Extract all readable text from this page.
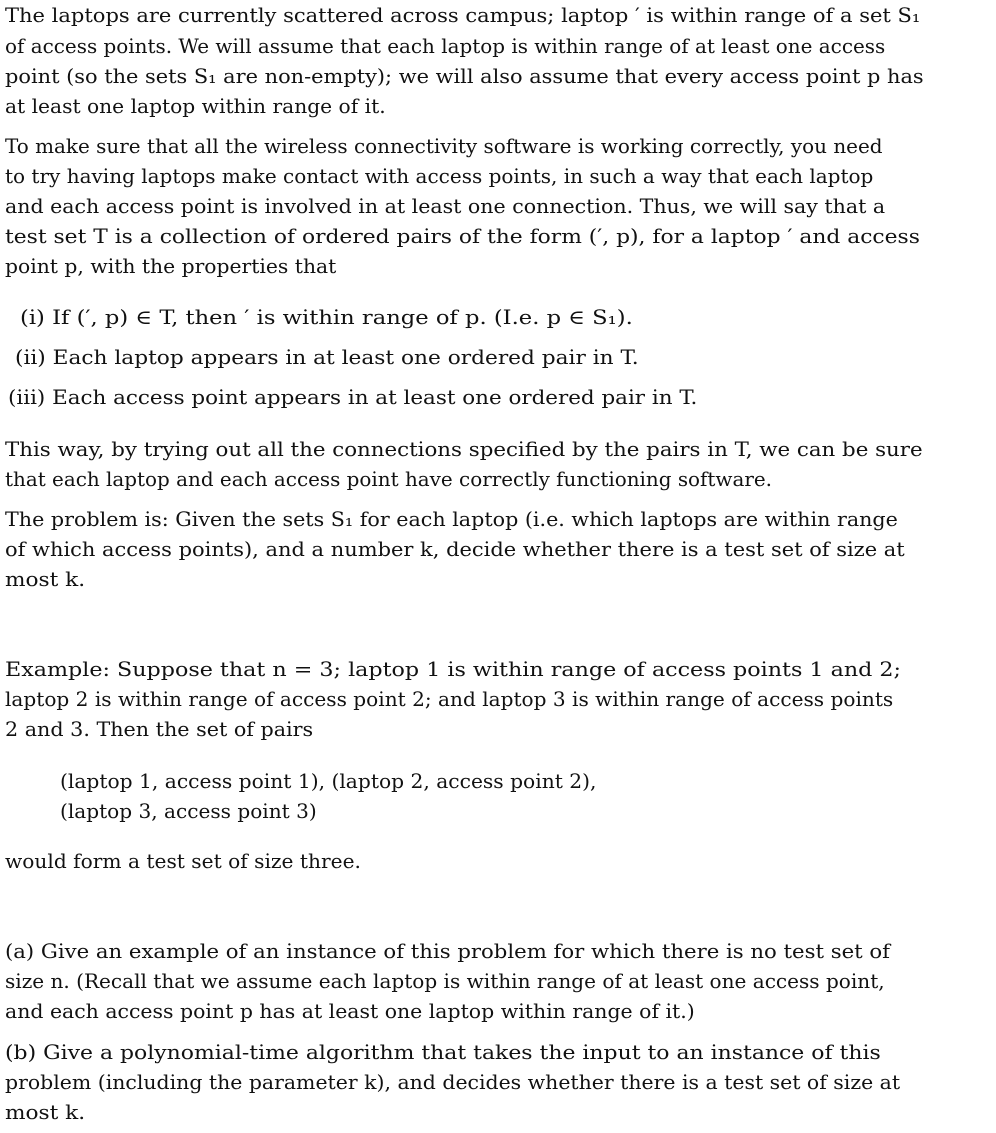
The laptops are currently scattered across campus; laptop ′ is within range of a set S₁
of access points. We will assume that each laptop is within range of at least one access
point (so the sets S₁ are non-empty); we will also assume that every access point p has
at least one laptop within range of it.
To make sure that all the wireless connectivity software is working correctly, you need
to try having laptops make contact with access points, in such a way that each laptop
and each access point is involved in at least one connection. Thus, we will say that a
test set T is a collection of ordered pairs of the form (′, p), for a laptop ′ and access
point p, with the properties that
(i) If (′, p) ∈ T, then ′ is within range of p. (I.e. p ∈ S₁).
(ii) Each laptop appears in at least one ordered pair in T.
(iii) Each access point appears in at least one ordered pair in T.
This way, by trying out all the connections specified by the pairs in T, we can be sure
that each laptop and each access point have correctly functioning software.
The problem is: Given the sets S₁ for each laptop (i.e. which laptops are within range
of which access points), and a number k, decide whether there is a test set of size at
most k.
Example: Suppose that n = 3; laptop 1 is within range of access points 1 and 2;
laptop 2 is within range of access point 2; and laptop 3 is within range of access points
2 and 3. Then the set of pairs
(laptop 1, access point 1), (laptop 2, access point 2),
(laptop 3, access point 3)
would form a test set of size three.
(a) Give an example of an instance of this problem for which there is no test set of
size n. (Recall that we assume each laptop is within range of at least one access point,
and each access point p has at least one laptop within range of it.)
(b) Give a polynomial-time algorithm that takes the input to an instance of this
problem (including the parameter k), and decides whether there is a test set of size at
most k.
